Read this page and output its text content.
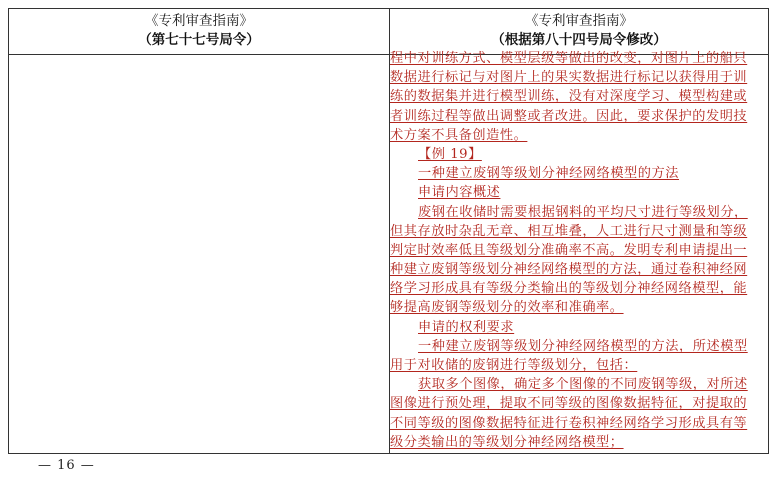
《专利审查指南》
（第七十七号局令）
《专利审查指南》
（根据第八十四号局令修改）
程中对训练方式、模型层级等做出的改变，对图片上的船只
数据进行标记与对图片上的果实数据进行标记以获得用于训
练的数据集并进行模型训练，没有对深度学习、模型构建或
者训练过程等做出调整或者改进。因此，要求保护的发明技
术方案不具备创造性。
【例 19】
一种建立废钢等级划分神经网络模型的方法
申请内容概述
废钢在收储时需要根据钢料的平均尺寸进行等级划分，
但其存放时杂乱无章、相互堆叠，人工进行尺寸测量和等级
判定时效率低且等级划分准确率不高。发明专利申请提出一
种建立废钢等级划分神经网络模型的方法，通过卷积神经网
络学习形成具有等级分类输出的等级划分神经网络模型，能
够提高废钢等级划分的效率和准确率。
申请的权利要求
一种建立废钢等级划分神经网络模型的方法，所述模型
用于对收储的废钢进行等级划分，包括：
获取多个图像，确定多个图像的不同废钢等级，对所述
图像进行预处理，提取不同等级的图像数据特征，对提取的
不同等级的图像数据特征进行卷积神经网络学习形成具有等
级分类输出的等级划分神经网络模型；
— 16 —
